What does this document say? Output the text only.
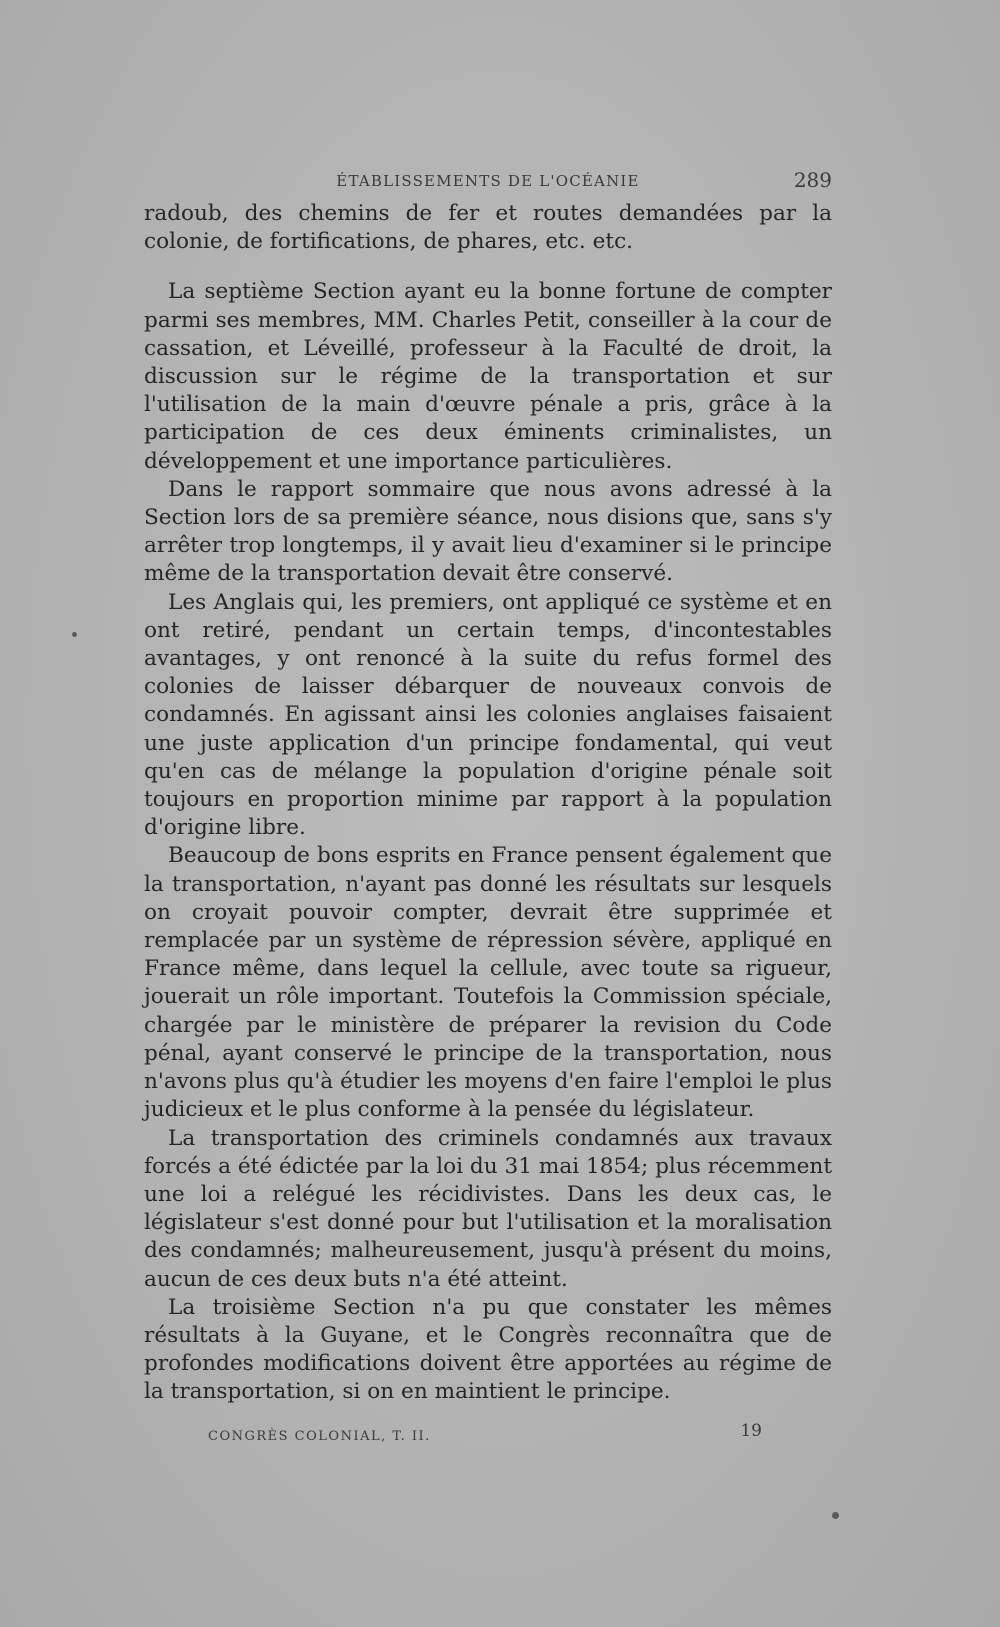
ÉTABLISSEMENTS DE L'OCÉANIE	289

radoub, des chemins de fer et routes demandées par la colonie, de fortifications, de phares, etc. etc.

La septième Section ayant eu la bonne fortune de compter parmi ses membres, MM. Charles Petit, conseiller à la cour de cassation, et Léveillé, professeur à la Faculté de droit, la discussion sur le régime de la transportation et sur l'utilisation de la main d'œuvre pénale a pris, grâce à la participation de ces deux éminents criminalistes, un développement et une importance particulières.

Dans le rapport sommaire que nous avons adressé à la Section lors de sa première séance, nous disions que, sans s'y arrêter trop longtemps, il y avait lieu d'examiner si le principe même de la transportation devait être conservé.

Les Anglais qui, les premiers, ont appliqué ce système et en ont retiré, pendant un certain temps, d'incontestables avantages, y ont renoncé à la suite du refus formel des colonies de laisser débarquer de nouveaux convois de condamnés. En agissant ainsi les colonies anglaises faisaient une juste application d'un principe fondamental, qui veut qu'en cas de mélange la population d'origine pénale soit toujours en proportion minime par rapport à la population d'origine libre.

Beaucoup de bons esprits en France pensent également que la transportation, n'ayant pas donné les résultats sur lesquels on croyait pouvoir compter, devrait être supprimée et remplacée par un système de répression sévère, appliqué en France même, dans lequel la cellule, avec toute sa rigueur, jouerait un rôle important. Toutefois la Commission spéciale, chargée par le ministère de préparer la revision du Code pénal, ayant conservé le principe de la transportation, nous n'avons plus qu'à étudier les moyens d'en faire l'emploi le plus judicieux et le plus conforme à la pensée du législateur.

La transportation des criminels condamnés aux travaux forcés a été édictée par la loi du 31 mai 1854; plus récemment une loi a relégué les récidivistes. Dans les deux cas, le législateur s'est donné pour but l'utilisation et la moralisation des condamnés; malheureusement, jusqu'à présent du moins, aucun de ces deux buts n'a été atteint.

La troisième Section n'a pu que constater les mêmes résultats à la Guyane, et le Congrès reconnaîtra que de profondes modifications doivent être apportées au régime de la transportation, si on en maintient le principe.

CONGRÈS COLONIAL, T. II.	19
